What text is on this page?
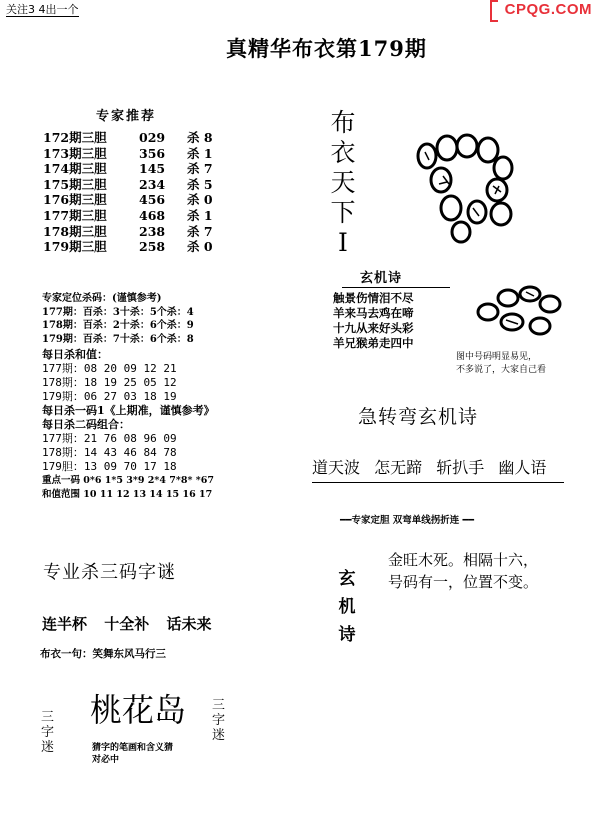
关注3 4出一个	CPQG.COM
真精华布衣第179期
专家推荐
172期三胆	029 杀 8
173期三胆	356 杀 1
174期三胆	145 杀 7
175期三胆	234 杀 5
176期三胆	456 杀 0
177期三胆	468 杀 1
178期三胆	238 杀 7
179期三胆	258 杀 0
布
衣
天
下
I
专家定位杀码：(谨慎参考)
177期：百杀：3十杀：5个杀：4
178期：百杀：2十杀：6个杀：9
179期：百杀：7十杀：6个杀：8
每日杀和值：
177期：08 20 09 12 21
178期：18 19 25 05 12
179期：06 27 03 18 19
每日杀一码1《上期准，谨慎参考》
每日杀二码组合：
177期：21 76 08 96 09
178期：14 43 46 84 78
179胆：13 09 70 17 18
重点一码 0*6 1*5 3*9 2*4 7*8* *67
和值范围 10 11 12 13 14 15 16 17
玄机诗
触景伤情泪不尽
羊来马去鸡在啼
十九从来好头彩
羊兄猴弟走四中
图中号码明显易见，
不多说了，大家自己看
急转弯玄机诗
道天波 怎无蹄 斩扒手 幽人语
━━专家定胆 双弯单线拐折连 ━━
专业杀三码字谜
连半杯 十全补 话未来
布衣一句：笑舞东风马行三
玄
机
诗
金旺木死。相隔十六，
号码有一，位置不变。
桃花岛
三
字
迷
三
字
迷
猜字的笔画和含义猜
对必中
